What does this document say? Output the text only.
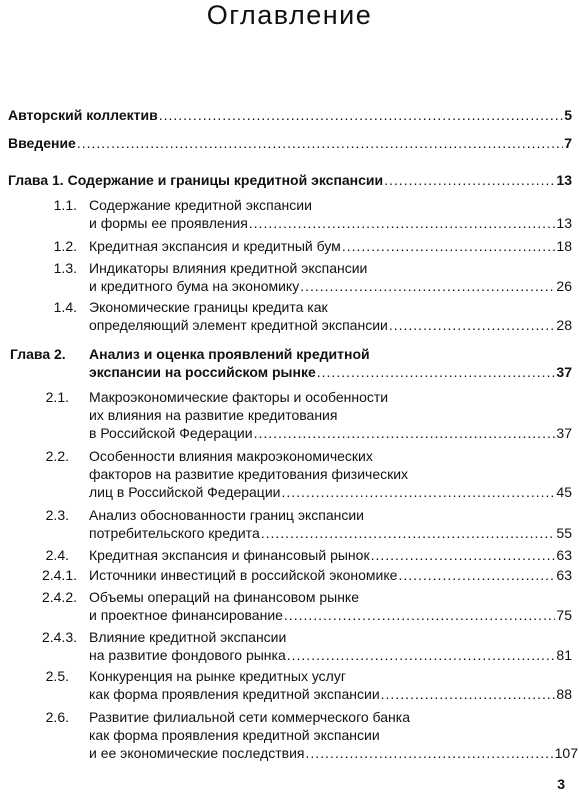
Оглавление
Авторский коллектив .....	5
Введение .....	7
Глава 1. Содержание и границы кредитной экспансии .....	13
1.1. Содержание кредитной экспансии
и формы ее проявления .....	13
1.2. Кредитная экспансия и кредитный бум .....	18
1.3. Индикаторы влияния кредитной экспансии
и кредитного бума на экономику .....	26
1.4. Экономические границы кредита как
определяющий элемент кредитной экспансии .....	28
Глава 2. Анализ и оценка проявлений кредитной
экспансии на российском рынке .....	37
2.1. Макроэкономические факторы и особенности
их влияния на развитие кредитования
в Российской Федерации .....	37
2.2. Особенности влияния макроэкономических
факторов на развитие кредитования физических
лиц в Российской Федерации .....	45
2.3. Анализ обоснованности границ экспансии
потребительского кредита .....	55
2.4. Кредитная экспансия и финансовый рынок .....	63
2.4.1. Источники инвестиций в российской экономике .....	63
2.4.2. Объемы операций на финансовом рынке
и проектное финансирование .....	75
2.4.3. Влияние кредитной экспансии
на развитие фондового рынка .....	81
2.5. Конкуренция на рынке кредитных услуг
как форма проявления кредитной экспансии .....	88
2.6. Развитие филиальной сети коммерческого банка
как форма проявления кредитной экспансии
и ее экономические последствия .....	107
3
